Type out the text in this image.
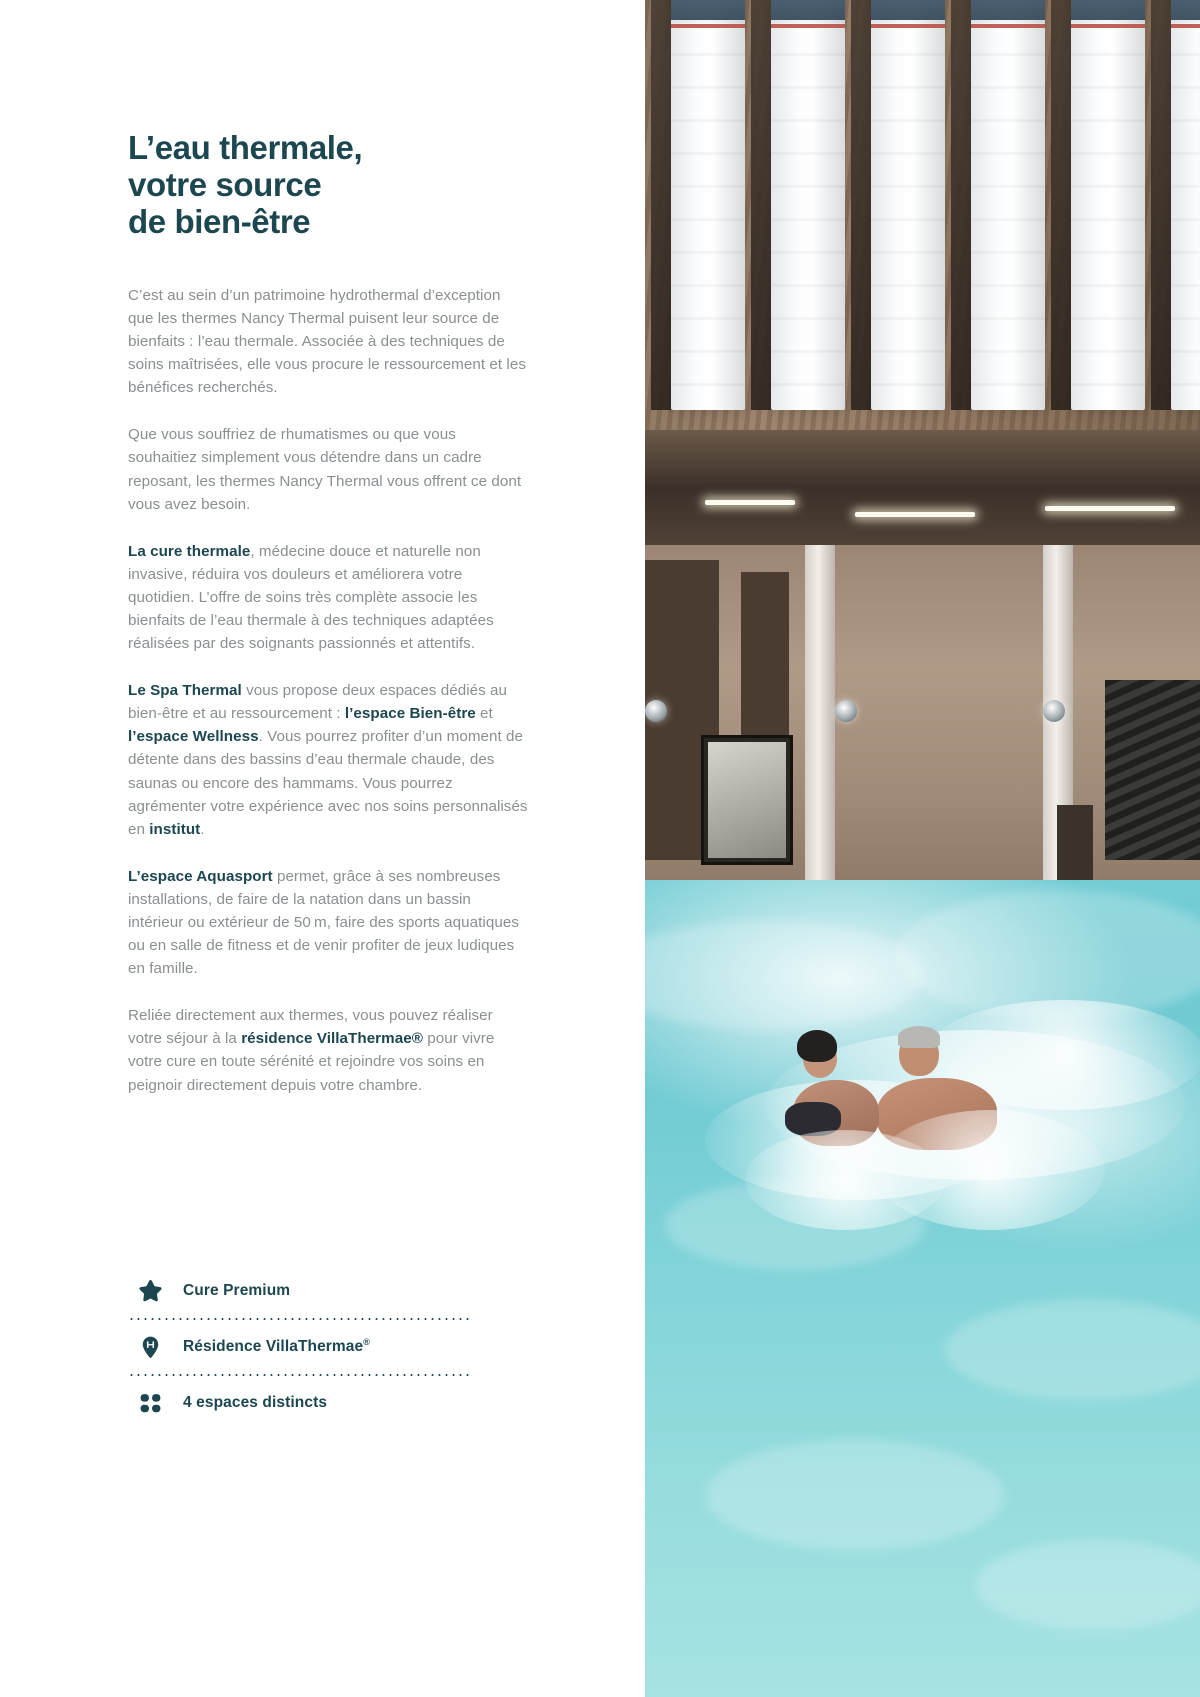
L’eau thermale,
votre source
de bien-être

C’est au sein d’un patrimoine hydrothermal d’exception que les thermes Nancy Thermal puisent leur source de bienfaits : l’eau thermale. Associée à des techniques de soins maîtrisées, elle vous procure le ressourcement et les bénéfices recherchés.

Que vous souffriez de rhumatismes ou que vous souhaitiez simplement vous détendre dans un cadre reposant, les thermes Nancy Thermal vous offrent ce dont vous avez besoin.

La cure thermale, médecine douce et naturelle non invasive, réduira vos douleurs et améliorera votre quotidien. L’offre de soins très complète associe les bienfaits de l’eau thermale à des techniques adaptées réalisées par des soignants passionnés et attentifs.

Le Spa Thermal vous propose deux espaces dédiés au bien-être et au ressourcement : l’espace Bien-être et l’espace Wellness. Vous pourrez profiter d’un moment de détente dans des bassins d’eau thermale chaude, des saunas ou encore des hammams. Vous pourrez agrémenter votre expérience avec nos soins personnalisés en institut.

L’espace Aquasport permet, grâce à ses nombreuses installations, de faire de la natation dans un bassin intérieur ou extérieur de 50 m, faire des sports aquatiques ou en salle de fitness et de venir profiter de jeux ludiques en famille.

Reliée directement aux thermes, vous pouvez réaliser votre séjour à la résidence VillaThermae® pour vivre votre cure en toute sérénité et rejoindre vos soins en peignoir directement depuis votre chambre.

Cure Premium
Résidence VillaThermae®
4 espaces distincts
